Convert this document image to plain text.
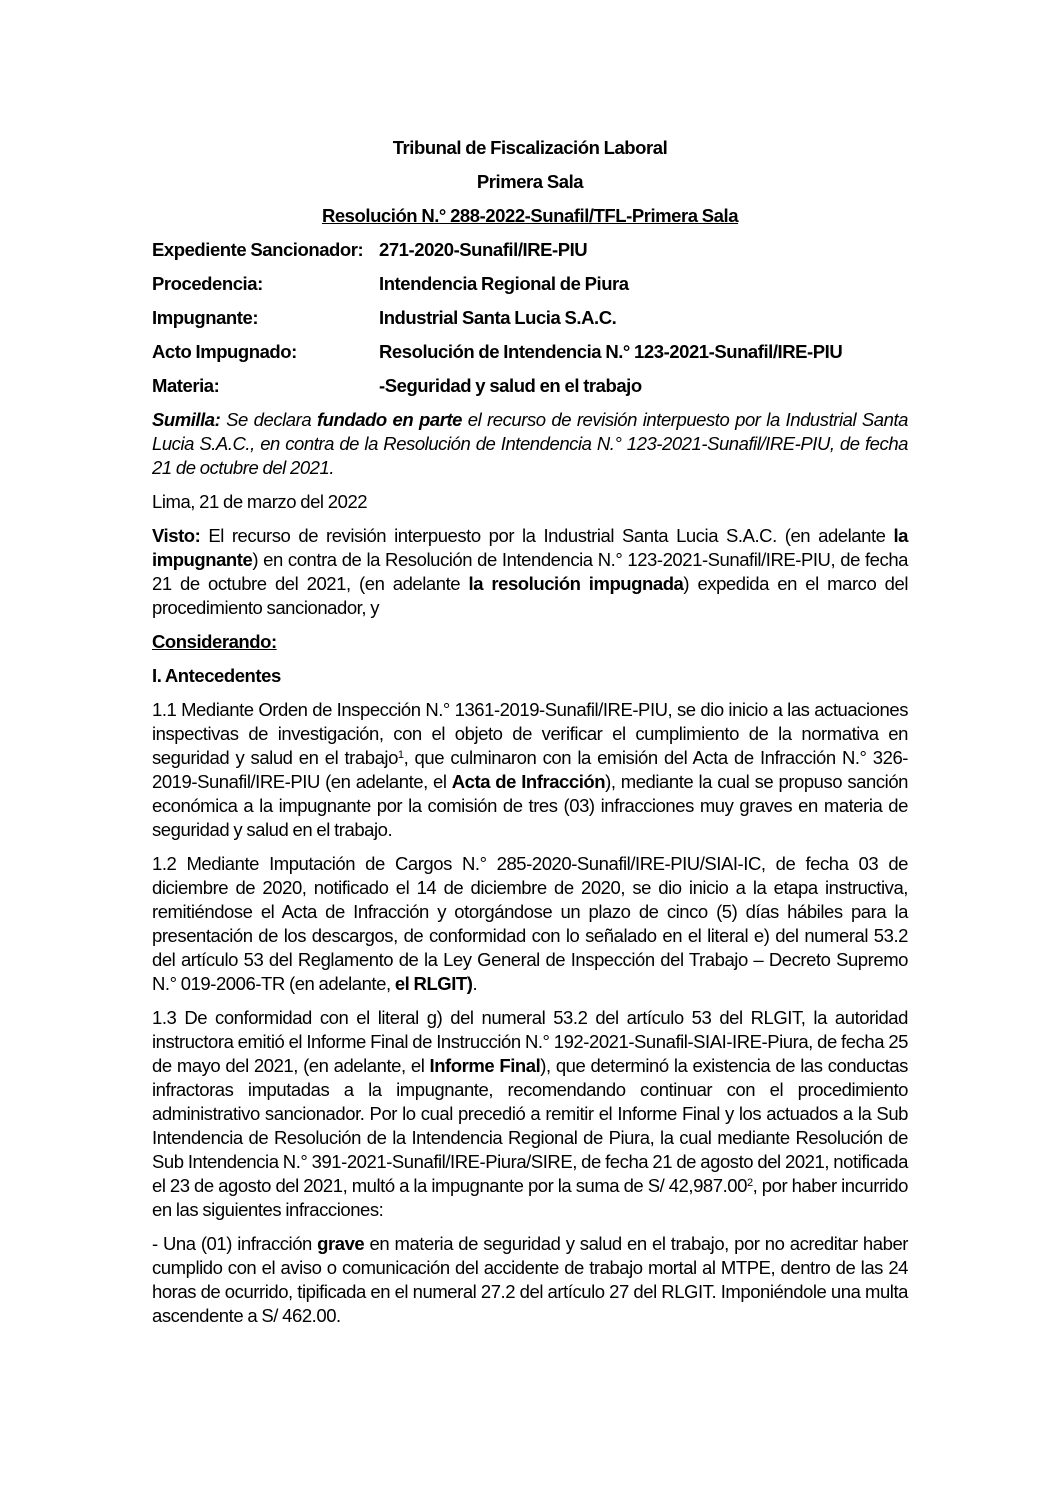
Tribunal de Fiscalización Laboral
Primera Sala
Resolución N.° 288-2022-Sunafil/TFL-Primera Sala
Expediente Sancionador: 271-2020-Sunafil/IRE-PIU
Procedencia:	Intendencia Regional de Piura
Impugnante:	Industrial Santa Lucia S.A.C.
Acto Impugnado:	Resolución de Intendencia N.° 123-2021-Sunafil/IRE-PIU
Materia:	-Seguridad y salud en el trabajo

Sumilla: Se declara fundado en parte el recurso de revisión interpuesto por la Industrial Santa Lucia S.A.C., en contra de la Resolución de Intendencia N.° 123-2021-Sunafil/IRE-PIU, de fecha 21 de octubre del 2021.

Lima, 21 de marzo del 2022

Visto: El recurso de revisión interpuesto por la Industrial Santa Lucia S.A.C. (en adelante la impugnante) en contra de la Resolución de Intendencia N.° 123-2021-Sunafil/IRE-PIU, de fecha 21 de octubre del 2021, (en adelante la resolución impugnada) expedida en el marco del procedimiento sancionador, y

Considerando:
I. Antecedentes

1.1 Mediante Orden de Inspección N.° 1361-2019-Sunafil/IRE-PIU, se dio inicio a las actuaciones inspectivas de investigación, con el objeto de verificar el cumplimiento de la normativa en seguridad y salud en el trabajo$^1$, que culminaron con la emisión del Acta de Infracción N.° 326-2019-Sunafil/IRE-PIU (en adelante, el Acta de Infracción), mediante la cual se propuso sanción económica a la impugnante por la comisión de tres (03) infracciones muy graves en materia de seguridad y salud en el trabajo.

1.2 Mediante Imputación de Cargos N.° 285-2020-Sunafil/IRE-PIU/SIAI-IC, de fecha 03 de diciembre de 2020, notificado el 14 de diciembre de 2020, se dio inicio a la etapa instructiva, remitiéndose el Acta de Infracción y otorgándose un plazo de cinco (5) días hábiles para la presentación de los descargos, de conformidad con lo señalado en el literal e) del numeral 53.2 del artículo 53 del Reglamento de la Ley General de Inspección del Trabajo – Decreto Supremo N.° 019-2006-TR (en adelante, el RLGIT).

1.3 De conformidad con el literal g) del numeral 53.2 del artículo 53 del RLGIT, la autoridad instructora emitió el Informe Final de Instrucción N.° 192-2021-Sunafil-SIAI-IRE-Piura, de fecha 25 de mayo del 2021, (en adelante, el Informe Final), que determinó la existencia de las conductas infractoras imputadas a la impugnante, recomendando continuar con el procedimiento administrativo sancionador. Por lo cual precedió a remitir el Informe Final y los actuados a la Sub Intendencia de Resolución de la Intendencia Regional de Piura, la cual mediante Resolución de Sub Intendencia N.° 391-2021-Sunafil/IRE-Piura/SIRE, de fecha 21 de agosto del 2021, notificada el 23 de agosto del 2021, multó a la impugnante por la suma de S/ 42,987.00$^2$, por haber incurrido en las siguientes infracciones:

- Una (01) infracción grave en materia de seguridad y salud en el trabajo, por no acreditar haber cumplido con el aviso o comunicación del accidente de trabajo mortal al MTPE, dentro de las 24 horas de ocurrido, tipificada en el numeral 27.2 del artículo 27 del RLGIT. Imponiéndole una multa ascendente a S/ 462.00.
